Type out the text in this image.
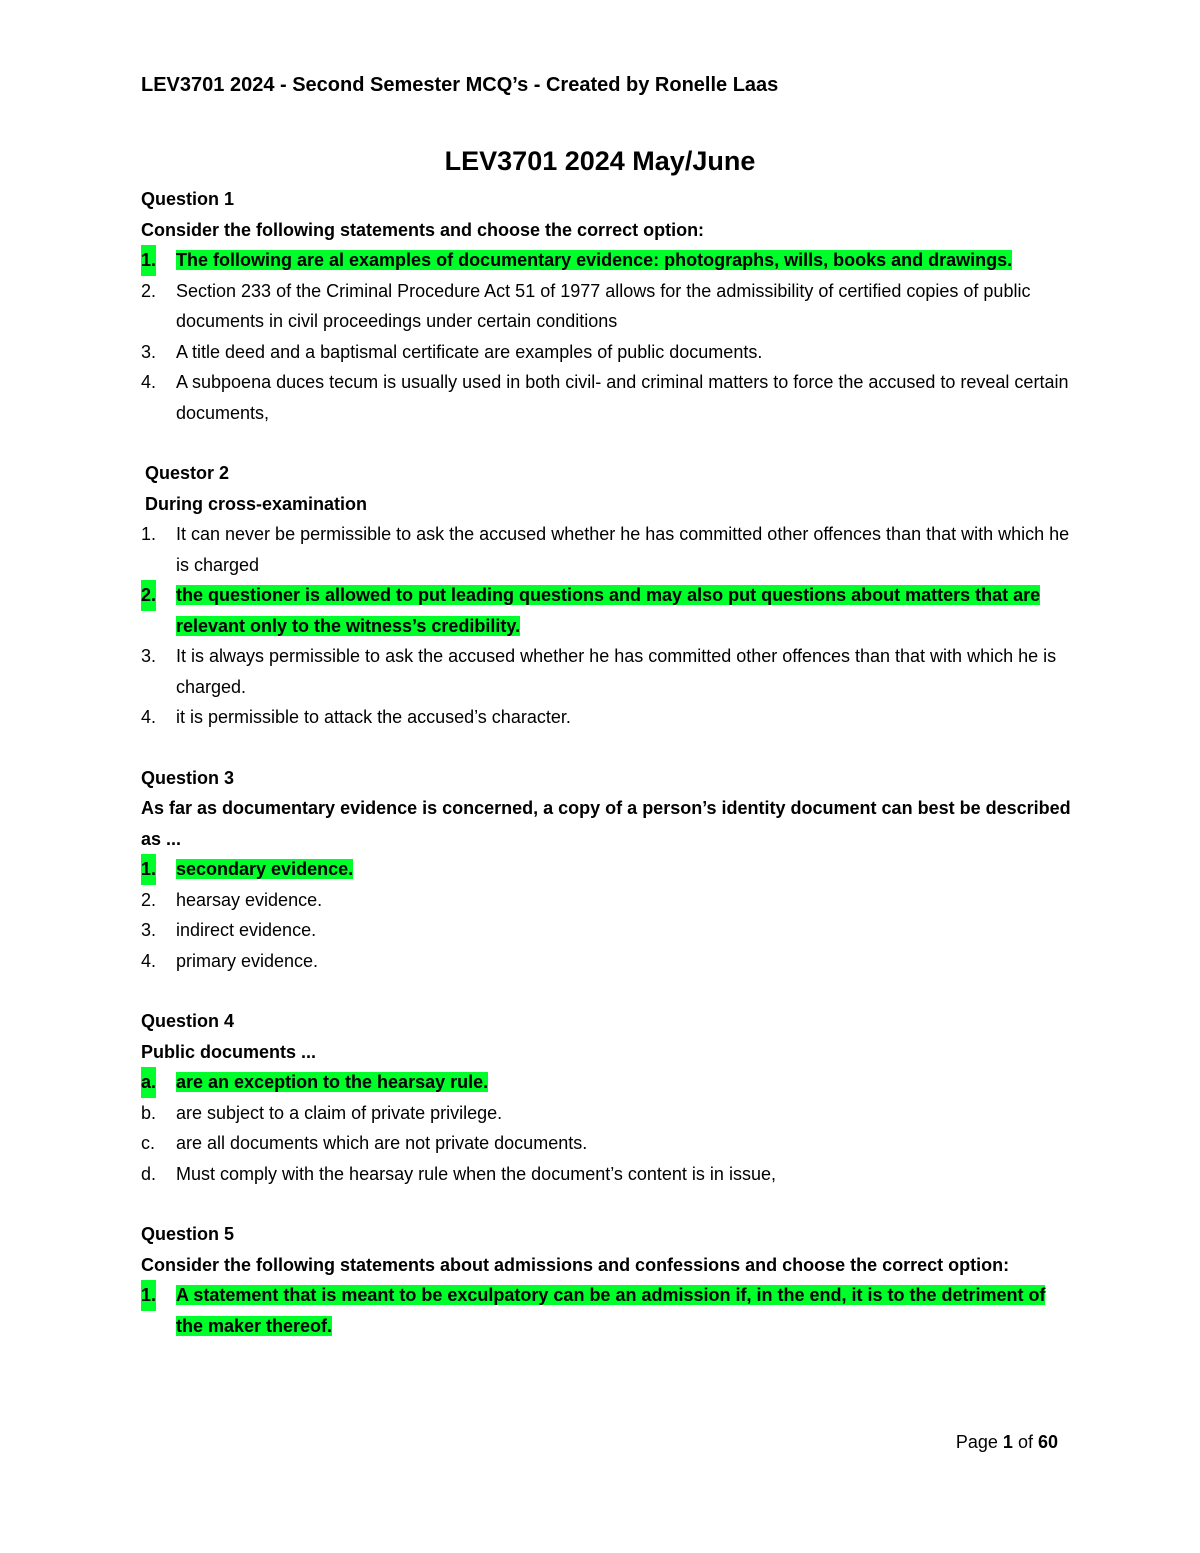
LEV3701 2024 - Second Semester MCQ’s - Created by Ronelle Laas
LEV3701 2024 May/June
Question 1
Consider the following statements and choose the correct option:
1. The following are al examples of documentary evidence: photographs, wills, books and drawings.
2. Section 233 of the Criminal Procedure Act 51 of 1977 allows for the admissibility of certified copies of public documents in civil proceedings under certain conditions
3. A title deed and a baptismal certificate are examples of public documents.
4. A subpoena duces tecum is usually used in both civil- and criminal matters to force the accused to reveal certain documents,
Questor 2
During cross-examination
1. It can never be permissible to ask the accused whether he has committed other offences than that with which he is charged
2. the questioner is allowed to put leading questions and may also put questions about matters that are relevant only to the witness’s credibility.
3. It is always permissible to ask the accused whether he has committed other offences than that with which he is charged.
4. it is permissible to attack the accused’s character.
Question 3
As far as documentary evidence is concerned, a copy of a person’s identity document can best be described as ...
1. secondary evidence.
2. hearsay evidence.
3. indirect evidence.
4. primary evidence.
Question 4
Public documents ...
a. are an exception to the hearsay rule.
b. are subject to a claim of private privilege.
c. are all documents which are not private documents.
d. Must comply with the hearsay rule when the document’s content is in issue,
Question 5
Consider the following statements about admissions and confessions and choose the correct option:
1. A statement that is meant to be exculpatory can be an admission if, in the end, it is to the detriment of the maker thereof.
Page 1 of 60
